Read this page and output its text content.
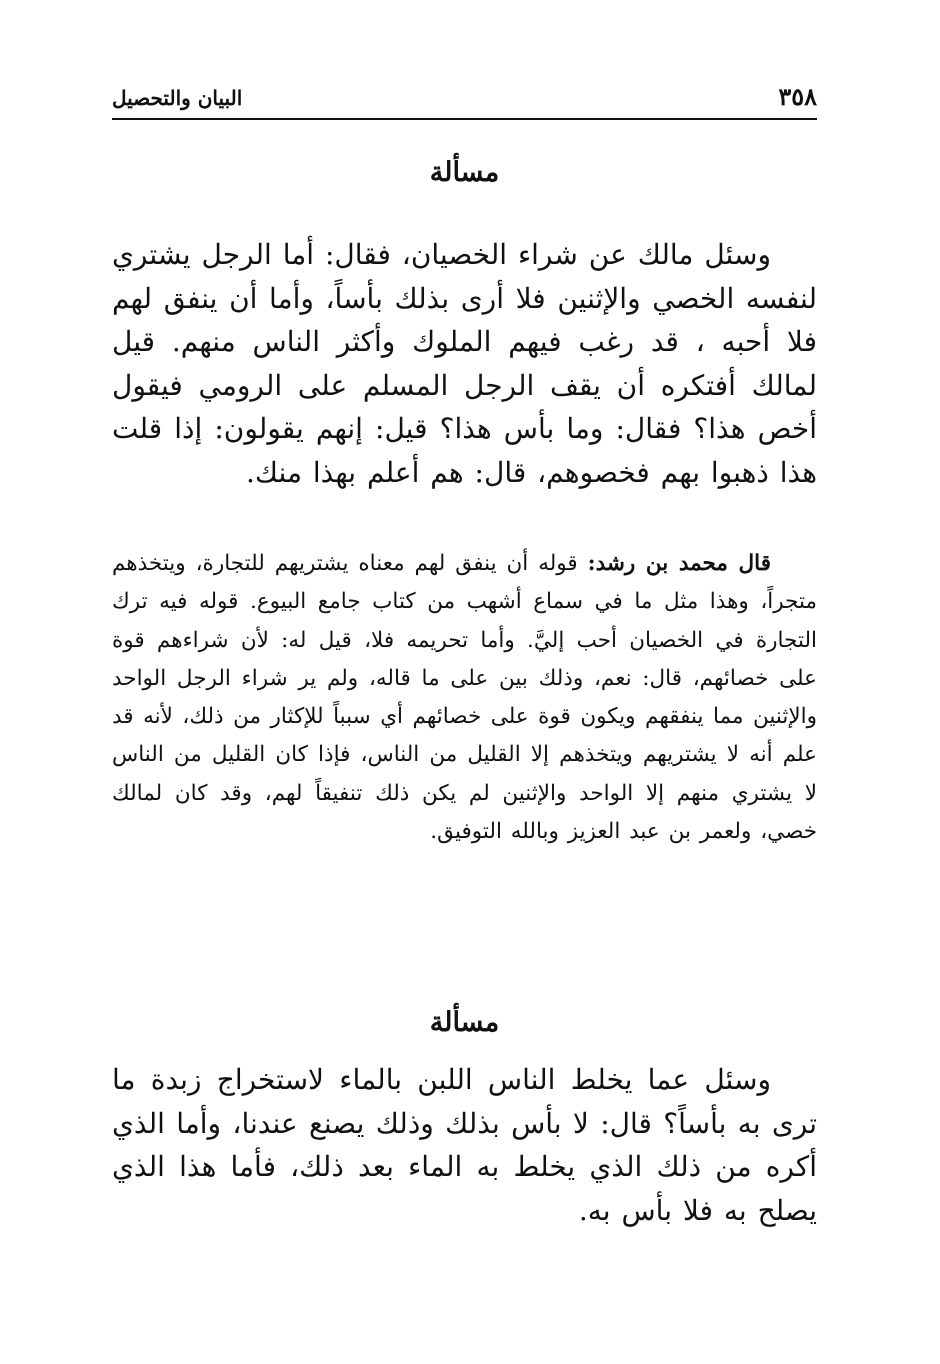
٣٥٨
البيان والتحصيل
مسألة
وسئل مالك عن شراء الخصيان، فقال: أما الرجل يشتري لنفسه الخصي والإثنين فلا أرى بذلك بأساً، وأما أن ينفق لهم فلا أحبه ، قد رغب فيهم الملوك وأكثر الناس منهم. قيل لمالك أفتكره أن يقف الرجل المسلم على الرومي فيقول أخص هذا؟ فقال: وما بأس هذا؟ قيل: إنهم يقولون: إذا قلت هذا ذهبوا بهم فخصوهم، قال: هم أعلم بهذا منك.
قال محمد بن رشد: قوله أن ينفق لهم معناه يشتريهم للتجارة، ويتخذهم متجراً، وهذا مثل ما في سماع أشهب من كتاب جامع البيوع. قوله فيه ترك التجارة في الخصيان أحب إليَّ. وأما تحريمه فلا، قيل له: لأن شراءهم قوة على خصائهم، قال: نعم، وذلك بين على ما قاله، ولم ير شراء الرجل الواحد والإثنين مما ينفقهم ويكون قوة على خصائهم أي سبباً للإكثار من ذلك، لأنه قد علم أنه لا يشتريهم ويتخذهم إلا القليل من الناس، فإذا كان القليل من الناس لا يشتري منهم إلا الواحد والإثنين لم يكن ذلك تنفيقاً لهم، وقد كان لمالك خصي، ولعمر بن عبد العزيز وبالله التوفيق.
مسألة
وسئل عما يخلط الناس اللبن بالماء لاستخراج زبدة ما ترى به بأساً؟ قال: لا بأس بذلك وذلك يصنع عندنا، وأما الذي أكره من ذلك الذي يخلط به الماء بعد ذلك، فأما هذا الذي يصلح به فلا بأس به.
